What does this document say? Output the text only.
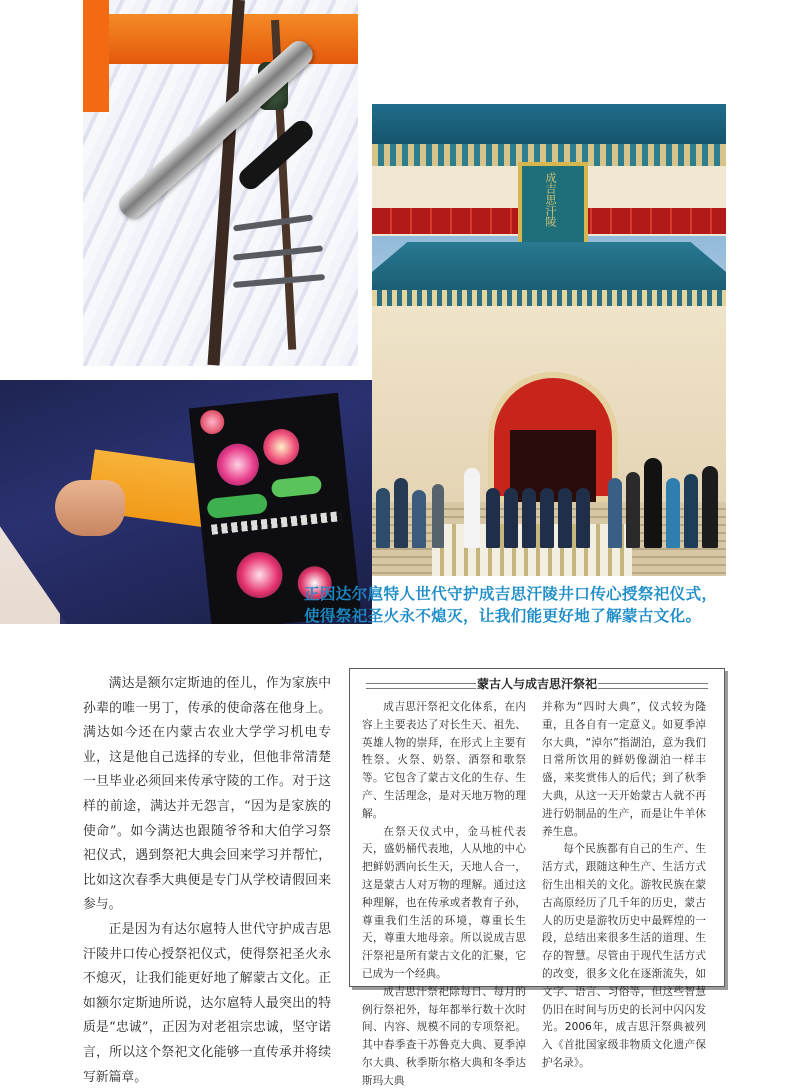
成吉思汗陵
正因达尔扈特人世代守护成吉思汗陵井口传心授祭祀仪式，
使得祭祀圣火永不熄灭，让我们能更好地了解蒙古文化。

满达是额尔定斯迪的侄儿，作为家族中孙辈的唯一男丁，传承的使命落在他身上。满达如今还在内蒙古农业大学学习机电专业，这是他自己选择的专业，但他非常清楚一旦毕业必须回来传承守陵的工作。对于这样的前途，满达并无怨言，“因为是家族的使命”。如今满达也跟随爷爷和大伯学习祭祀仪式，遇到祭祀大典会回来学习并帮忙，比如这次春季大典便是专门从学校请假回来参与。

正是因为有达尔扈特人世代守护成吉思汗陵井口传心授祭祀仪式，使得祭祀圣火永不熄灭，让我们能更好地了解蒙古文化。正如额尔定斯迪所说，达尔扈特人最突出的特质是“忠诚”，正因为对老祖宗忠诚，坚守诺言，所以这个祭祀文化能够一直传承并将续写新篇章。

蒙古人与成吉思汗祭祀

成吉思汗祭祀文化体系，在内容上主要表达了对长生天、祖先、英雄人物的崇拜，在形式上主要有牲祭、火祭、奶祭、酒祭和歌祭等。它包含了蒙古文化的生存、生产、生活理念，是对天地万物的理解。

在祭天仪式中，金马桩代表天，盛奶桶代表地，人从地的中心把鲜奶洒向长生天，天地人合一，这是蒙古人对万物的理解。通过这种理解，也在传承或者教育子孙，尊重我们生活的环境，尊重长生天，尊重大地母亲。所以说成吉思汗祭祀是所有蒙古文化的汇聚，它已成为一个经典。

成吉思汗祭祀除每日、每月的例行祭祀外，每年都举行数十次时间、内容、规模不同的专项祭祀。其中春季查干苏鲁克大典、夏季淖尔大典、秋季斯尔格大典和冬季达斯玛大典

并称为“四时大典”，仪式较为隆重，且各自有一定意义。如夏季淖尔大典，“淖尔”指湖泊，意为我们日常所饮用的鲜奶像湖泊一样丰盛，来奖赏伟人的后代；到了秋季大典，从这一天开始蒙古人就不再进行奶制品的生产，而是让牛羊休养生息。

每个民族都有自己的生产、生活方式，跟随这种生产、生活方式衍生出相关的文化。游牧民族在蒙古高原经历了几千年的历史，蒙古人的历史是游牧历史中最辉煌的一段，总结出来很多生活的道理、生存的智慧。尽管由于现代生活方式的改变，很多文化在逐渐流失，如文字、语言、习俗等，但这些智慧仍旧在时间与历史的长河中闪闪发光。2006年，成吉思汗祭典被列入《首批国家级非物质文化遗产保护名录》。
